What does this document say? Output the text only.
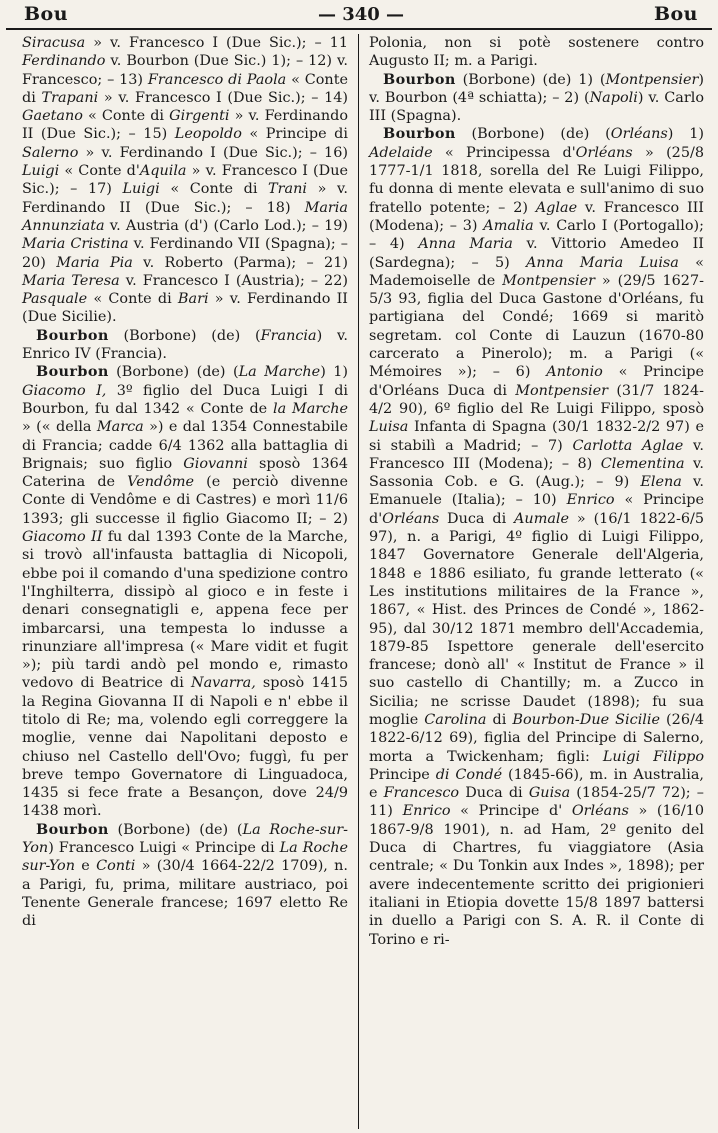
Bou	— 340 —	Bou

Siracusa » v. Francesco I (Due Sic.); – 11 Ferdinando v. Bourbon (Due Sic.) 1); – 12) v. Francesco; – 13) Francesco di Paola « Conte di Trapani » v. Francesco I (Due Sic.); – 14) Gaetano « Conte di Girgenti » v. Ferdinando II (Due Sic.); – 15) Leopoldo « Principe di Salerno » v. Ferdinando I (Due Sic.); – 16) Luigi « Conte d'Aquila » v. Francesco I (Due Sic.); – 17) Luigi « Conte di Trani » v. Ferdinando II (Due Sic.); – 18) Maria Annunziata v. Austria (d') (Carlo Lod.); – 19) Maria Cristina v. Ferdinando VII (Spagna); – 20) Maria Pia v. Roberto (Parma); – 21) Maria Teresa v. Francesco I (Austria); – 22) Pasquale « Conte di Bari » v. Ferdinando II (Due Sicilie).

Bourbon (Borbone) (de) (Francia) v. Enrico IV (Francia).

Bourbon (Borbone) (de) (La Marche) 1) Giacomo I, 3º figlio del Duca Luigi I di Bourbon, fu dal 1342 « Conte de la Marche » (« della Marca ») e dal 1354 Connestabile di Francia; cadde 6/4 1362 alla battaglia di Brignais; suo figlio Giovanni sposò 1364 Caterina de Vendôme (e perciò divenne Conte di Vendôme e di Castres) e morì 11/6 1393; gli successe il figlio Giacomo II; – 2) Giacomo II fu dal 1393 Conte de la Marche, si trovò all'infausta battaglia di Nicopoli, ebbe poi il comando d'una spedizione contro l'Inghilterra, dissipò al gioco e in feste i denari consegnatigli e, appena fece per imbarcarsi, una tempesta lo indusse a rinunziare all'impresa (« Mare vidit et fugit »); più tardi andò pel mondo e, rimasto vedovo di Beatrice di Navarra, sposò 1415 la Regina Giovanna II di Napoli e n' ebbe il titolo di Re; ma, volendo egli correggere la moglie, venne dai Napolitani deposto e chiuso nel Castello dell'Ovo; fuggì, fu per breve tempo Governatore di Linguadoca, 1435 si fece frate a Besançon, dove 24/9 1438 morì.

Bourbon (Borbone) (de) (La Roche-sur-Yon) Francesco Luigi « Principe di La Roche sur-Yon e Conti » (30/4 1664-22/2 1709), n. a Parigi, fu, prima, militare austriaco, poi Tenente Generale francese; 1697 eletto Re di

Polonia, non si potè sostenere contro Augusto II; m. a Parigi.

Bourbon (Borbone) (de) 1) (Montpensier) v. Bourbon (4ª schiatta); – 2) (Napoli) v. Carlo III (Spagna).

Bourbon (Borbone) (de) (Orléans) 1) Adelaide « Principessa d'Orléans » (25/8 1777-1/1 1818, sorella del Re Luigi Filippo, fu donna di mente elevata e sull'animo di suo fratello potente; – 2) Aglae v. Francesco III (Modena); – 3) Amalia v. Carlo I (Portogallo); – 4) Anna Maria v. Vittorio Amedeo II (Sardegna); – 5) Anna Maria Luisa « Mademoiselle de Montpensier » (29/5 1627-5/3 93, figlia del Duca Gastone d'Orléans, fu partigiana del Condé; 1669 si maritò segretam. col Conte di Lauzun (1670-80 carcerato a Pinerolo); m. a Parigi (« Mémoires »); – 6) Antonio « Principe d'Orléans Duca di Montpensier (31/7 1824-4/2 90), 6º figlio del Re Luigi Filippo, sposò Luisa Infanta di Spagna (30/1 1832-2/2 97) e si stabilì a Madrid; – 7) Carlotta Aglae v. Francesco III (Modena); – 8) Clementina v. Sassonia Cob. e G. (Aug.); – 9) Elena v. Emanuele (Italia); – 10) Enrico « Principe d'Orléans Duca di Aumale » (16/1 1822-6/5 97), n. a Parigi, 4º figlio di Luigi Filippo, 1847 Governatore Generale dell'Algeria, 1848 e 1886 esiliato, fu grande letterato (« Les institutions militaires de la France », 1867, « Hist. des Princes de Condé », 1862-95), dal 30/12 1871 membro dell'Accademia, 1879-85 Ispettore generale dell'esercito francese; donò all' « Institut de France » il suo castello di Chantilly; m. a Zucco in Sicilia; ne scrisse Daudet (1898); fu sua moglie Carolina di Bourbon-Due Sicilie (26/4 1822-6/12 69), figlia del Principe di Salerno, morta a Twickenham; figli: Luigi Filippo Principe di Condé (1845-66), m. in Australia, e Francesco Duca di Guisa (1854-25/7 72); – 11) Enrico « Principe d' Orléans » (16/10 1867-9/8 1901), n. ad Ham, 2º genito del Duca di Chartres, fu viaggiatore (Asia centrale; « Du Tonkin aux Indes », 1898); per avere indecentemente scritto dei prigionieri italiani in Etiopia dovette 15/8 1897 battersi in duello a Parigi con S. A. R. il Conte di Torino e ri-
